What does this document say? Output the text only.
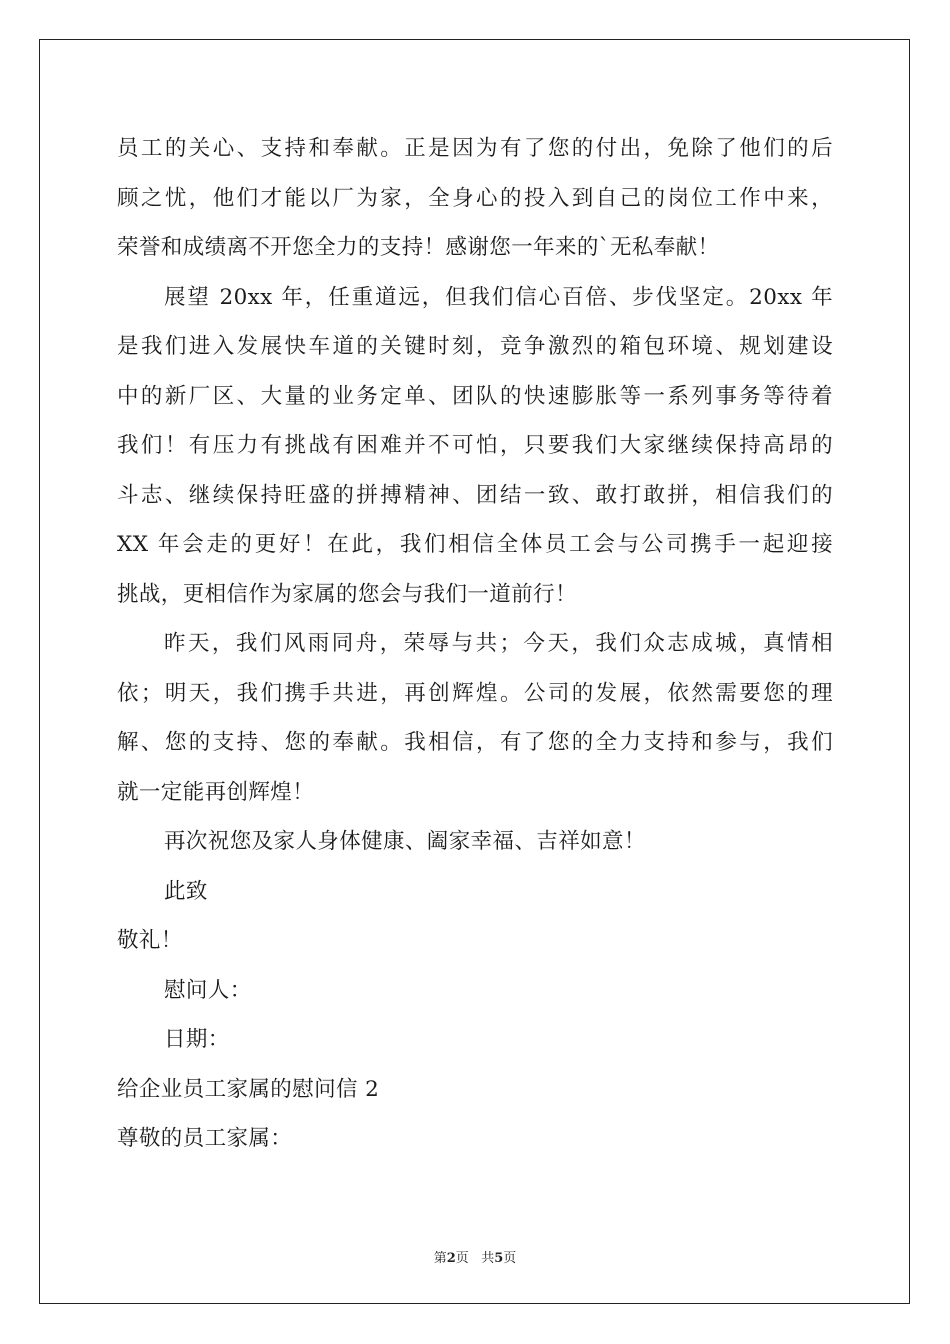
员工的关心、支持和奉献。正是因为有了您的付出，免除了他们的后
顾之忧，他们才能以厂为家，全身心的投入到自己的岗位工作中来，
荣誉和成绩离不开您全力的支持！感谢您一年来的`无私奉献！
展望 20xx 年，任重道远，但我们信心百倍、步伐坚定。20xx 年
是我们进入发展快车道的关键时刻，竞争激烈的箱包环境、规划建设
中的新厂区、大量的业务定单、团队的快速膨胀等一系列事务等待着
我们！有压力有挑战有困难并不可怕，只要我们大家继续保持高昂的
斗志、继续保持旺盛的拼搏精神、团结一致、敢打敢拼，相信我们的
XX 年会走的更好！在此，我们相信全体员工会与公司携手一起迎接
挑战，更相信作为家属的您会与我们一道前行！
昨天，我们风雨同舟，荣辱与共；今天，我们众志成城，真情相
依；明天，我们携手共进，再创辉煌。公司的发展，依然需要您的理
解、您的支持、您的奉献。我相信，有了您的全力支持和参与，我们
就一定能再创辉煌！
再次祝您及家人身体健康、阖家幸福、吉祥如意！
此致
敬礼！
慰问人：
日期：
给企业员工家属的慰问信 2
尊敬的员工家属：
第2页 共5页
